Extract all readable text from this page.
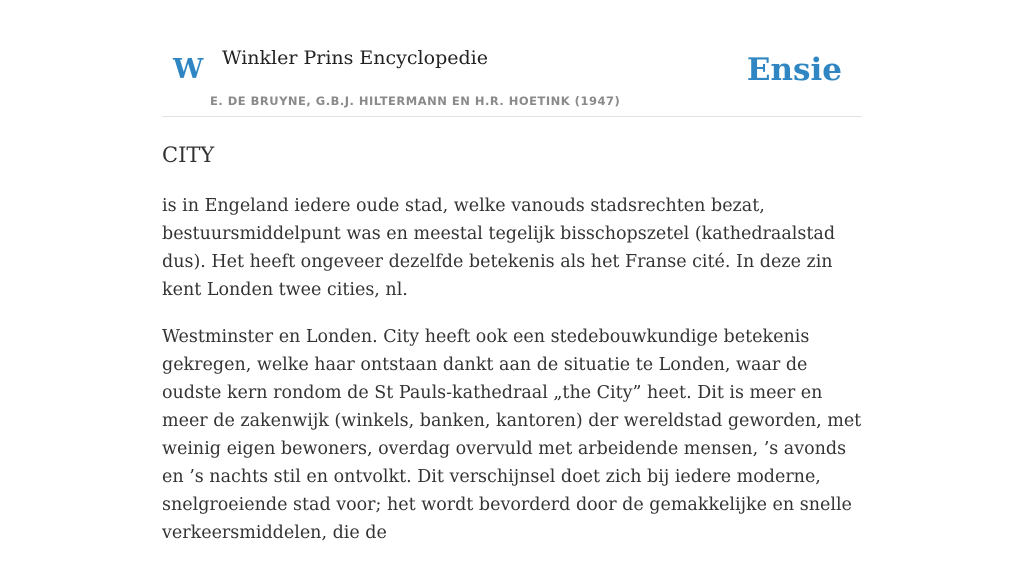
W Winkler Prins Encyclopedie
E. DE BRUYNE, G.B.J. HILTERMANN EN H.R. HOETINK (1947)
Ensie
CITY

is in Engeland iedere oude stad, welke vanouds stadsrechten bezat, bestuursmiddelpunt was en meestal tegelijk bisschopszetel (kathedraalstad dus). Het heeft ongeveer dezelfde betekenis als het Franse cité. In deze zin kent Londen twee cities, nl.

Westminster en Londen. City heeft ook een stedebouwkundige betekenis gekregen, welke haar ontstaan dankt aan de situatie te Londen, waar de oudste kern rondom de St Pauls-kathedraal „the City” heet. Dit is meer en meer de zakenwijk (winkels, banken, kantoren) der wereldstad geworden, met weinig eigen bewoners, overdag overvuld met arbeidende mensen, ’s avonds en ’s nachts stil en ontvolkt. Dit verschijnsel doet zich bij iedere moderne, snelgroeiende stad voor; het wordt bevorderd door de gemakkelijke en snelle verkeersmiddelen, die de
